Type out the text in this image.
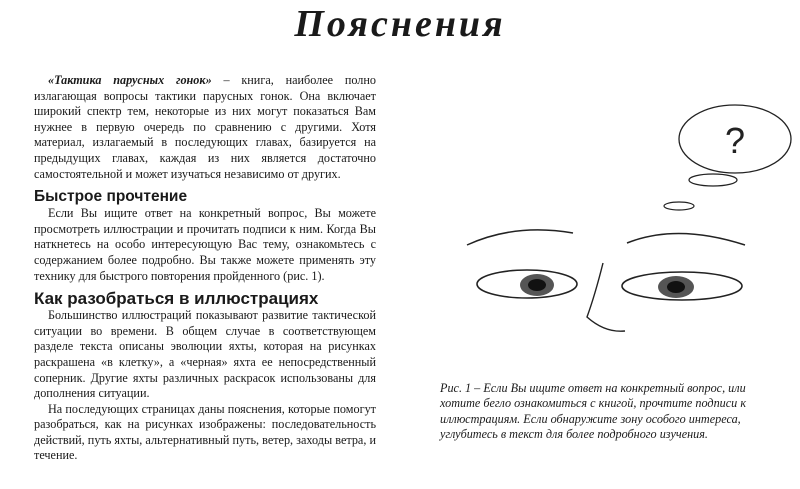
Пояснения

«Тактика парусных гонок» – книга, наиболее полно излагающая вопросы тактики парусных гонок. Она включает широкий спектр тем, некоторые из них могут показаться Вам нужнее в первую очередь по сравнению с другими. Хотя материал, излагаемый в последующих главах, базируется на предыдущих главах, каждая из них является достаточно самостоятельной и может изучаться независимо от других.

Быстрое прочтение

Если Вы ищите ответ на конкретный вопрос, Вы можете просмотреть иллюстрации и прочитать подписи к ним. Когда Вы наткнетесь на особо интересующую Вас тему, ознакомьтесь с содержанием более подробно. Вы также можете применять эту технику для быстрого повторения пройденного (рис. 1).

Как разобраться в иллюстрациях

Большинство иллюстраций показывают развитие тактической ситуации во времени. В общем случае в соответствующем разделе текста описаны эволюции яхты, которая на рисунках раскрашена «в клетку», а «черная» яхта ее непосредственный соперник. Другие яхты различных раскрасок использованы для дополнения ситуации.

На последующих страницах даны пояснения, которые помогут разобраться, как на рисунках изображены: последовательность действий, путь яхты, альтернативный путь, ветер, заходы ветра, и течение.

?
Рис. 1 – Если Вы ищите ответ на конкретный вопрос, или хотите бегло ознакомиться с книгой, прочтите подписи к иллюстрациям. Если обнаружите зону особого интереса, углубитесь в текст для более подробного изучения.
